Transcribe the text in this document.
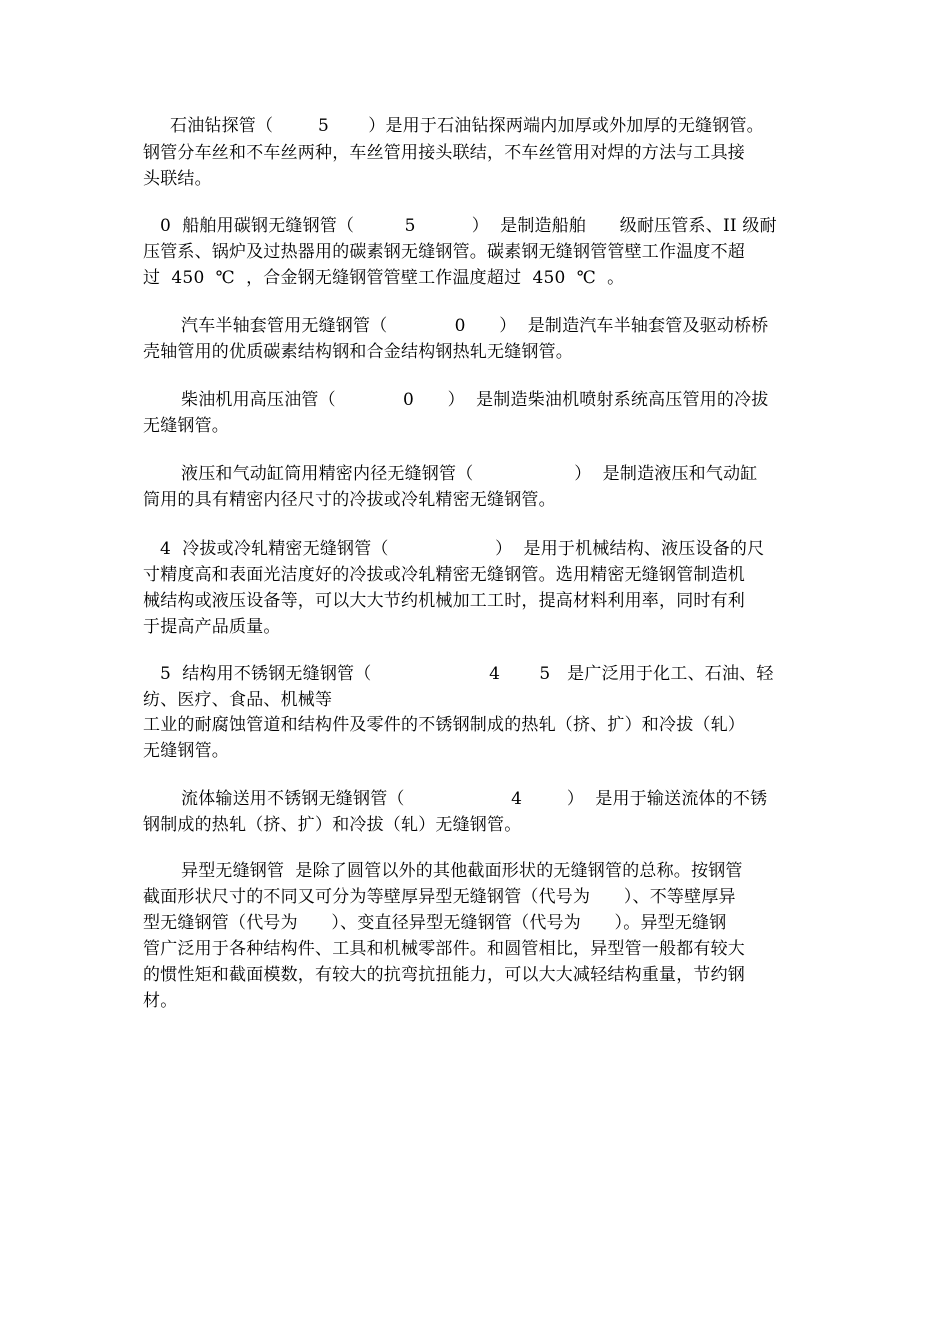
石油钻探管（        5       ）是用于石油钻探两端内加厚或外加厚的无缝钢管。
钢管分车丝和不车丝两种，车丝管用接头联结，不车丝管用对焊的方法与工具接
头联结。
0  船舶用碳钢无缝钢管（         5          ）  是制造船舶      级耐压管系、II 级耐
压管系、锅炉及过热器用的碳素钢无缝钢管。碳素钢无缝钢管管壁工作温度不超
过  450  ℃  ，合金钢无缝钢管管壁工作温度超过  450  ℃  。
汽车半轴套管用无缝钢管（            0      ）  是制造汽车半轴套管及驱动桥桥
壳轴管用的优质碳素结构钢和合金结构钢热轧无缝钢管。
柴油机用高压油管（            0      ）  是制造柴油机喷射系统高压管用的冷拔
无缝钢管。
液压和气动缸筒用精密内径无缝钢管（                  ）  是制造液压和气动缸
筒用的具有精密内径尺寸的冷拔或冷轧精密无缝钢管。
4  冷拔或冷轧精密无缝钢管（                   ）  是用于机械结构、液压设备的尺
寸精度高和表面光洁度好的冷拔或冷轧精密无缝钢管。选用精密无缝钢管制造机
械结构或液压设备等，可以大大节约机械加工工时，提高材料利用率，同时有利
于提高产品质量。
5  结构用不锈钢无缝钢管（                     4       5   是广泛用于化工、石油、轻
纺、医疗、食品、机械等
工业的耐腐蚀管道和结构件及零件的不锈钢制成的热轧（挤、扩）和冷拔（轧）
无缝钢管。
流体输送用不锈钢无缝钢管（                   4        ）  是用于输送流体的不锈
钢制成的热轧（挤、扩）和冷拔（轧）无缝钢管。
异型无缝钢管  是除了圆管以外的其他截面形状的无缝钢管的总称。按钢管
截面形状尺寸的不同又可分为等壁厚异型无缝钢管（代号为      ）、不等壁厚异
型无缝钢管（代号为      ）、变直径异型无缝钢管（代号为      ）。异型无缝钢
管广泛用于各种结构件、工具和机械零部件。和圆管相比，异型管一般都有较大
的惯性矩和截面模数，有较大的抗弯抗扭能力，可以大大减轻结构重量，节约钢
材。
